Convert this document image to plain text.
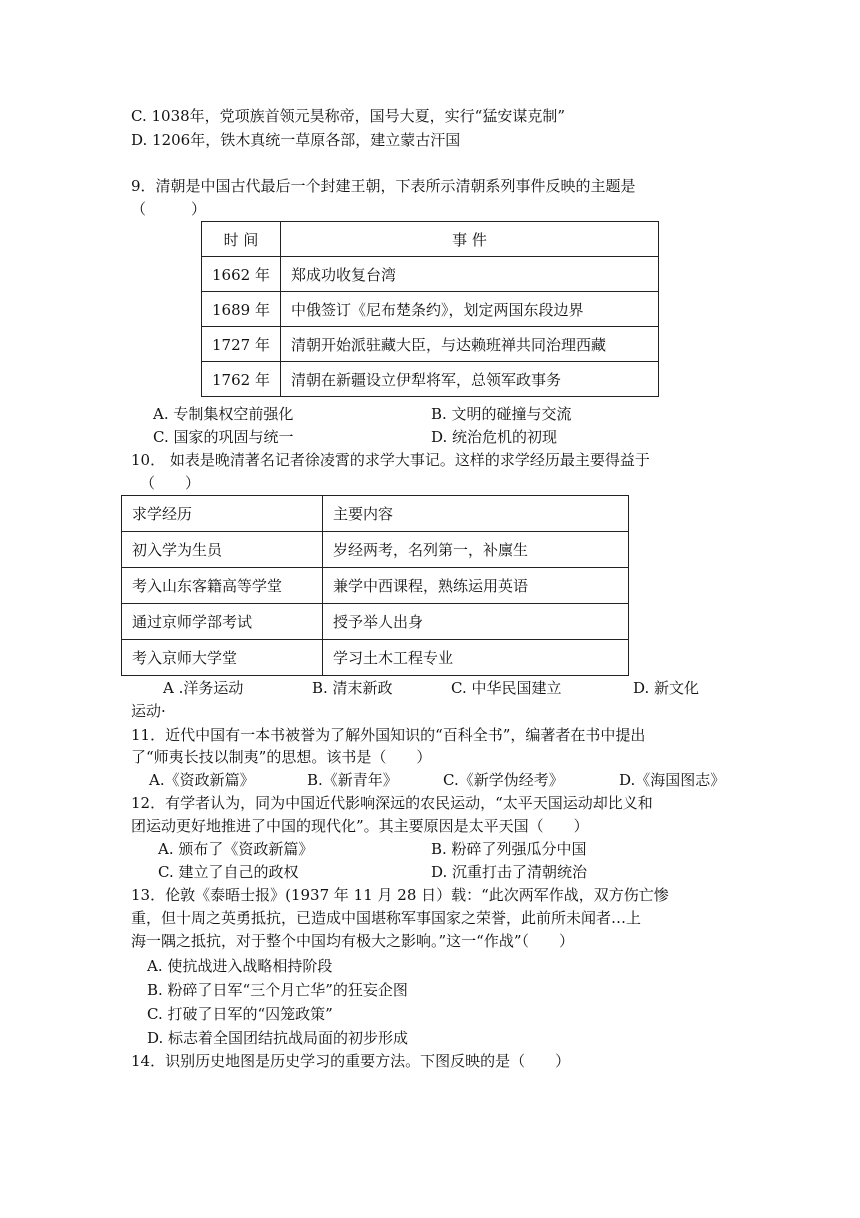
C. 1038年，党项族首领元昊称帝，国号大夏，实行“猛安谋克制”
D. 1206年，铁木真统一草原各部，建立蒙古汗国
9．清朝是中国古代最后一个封建王朝，下表所示清朝系列事件反映的主题是
（　　　）
时 间	事 件
1662 年	郑成功收复台湾
1689 年	中俄签订《尼布楚条约》，划定两国东段边界
1727 年	清朝开始派驻藏大臣，与达赖班禅共同治理西藏
1762 年	清朝在新疆设立伊犁将军，总领军政事务
A. 专制集权空前强化	B. 文明的碰撞与交流
C. 国家的巩固与统一	D. 统治危机的初现
10． 如表是晚清著名记者徐凌霄的求学大事记。这样的求学经历最主要得益于
（　　）
求学经历	主要内容
初入学为生员	岁经两考，名列第一，补廪生
考入山东客籍高等学堂	兼学中西课程，熟练运用英语
通过京师学部考试	授予举人出身
考入京师大学堂	学习土木工程专业
A .洋务运动	B. 清末新政	C. 中华民国建立	D. 新文化
运动·
11．近代中国有一本书被誉为了解外国知识的“百科全书”，编著者在书中提出
了“师夷长技以制夷”的思想。该书是（　　）
A.《资政新篇》	B.《新青年》	C.《新学伪经考》	D.《海国图志》
12．有学者认为，同为中国近代影响深远的农民运动，“太平天国运动却比义和
团运动更好地推进了中国的现代化”。其主要原因是太平天国（　　）
A. 颁布了《资政新篇》	B. 粉碎了列强瓜分中国
C. 建立了自己的政权	D. 沉重打击了清朝统治
13．伦敦《泰晤士报》(1937 年 11 月 28 日）载：“此次两军作战，双方伤亡惨
重，但十周之英勇抵抗，已造成中国堪称军事国家之荣誉，此前所未闻者…上
海一隅之抵抗，对于整个中国均有极大之影响。”这一“作战”（　　）
A. 使抗战进入战略相持阶段
B. 粉碎了日军“三个月亡华”的狂妄企图
C. 打破了日军的“囚笼政策”
D. 标志着全国团结抗战局面的初步形成
14．识别历史地图是历史学习的重要方法。下图反映的是（　　）
